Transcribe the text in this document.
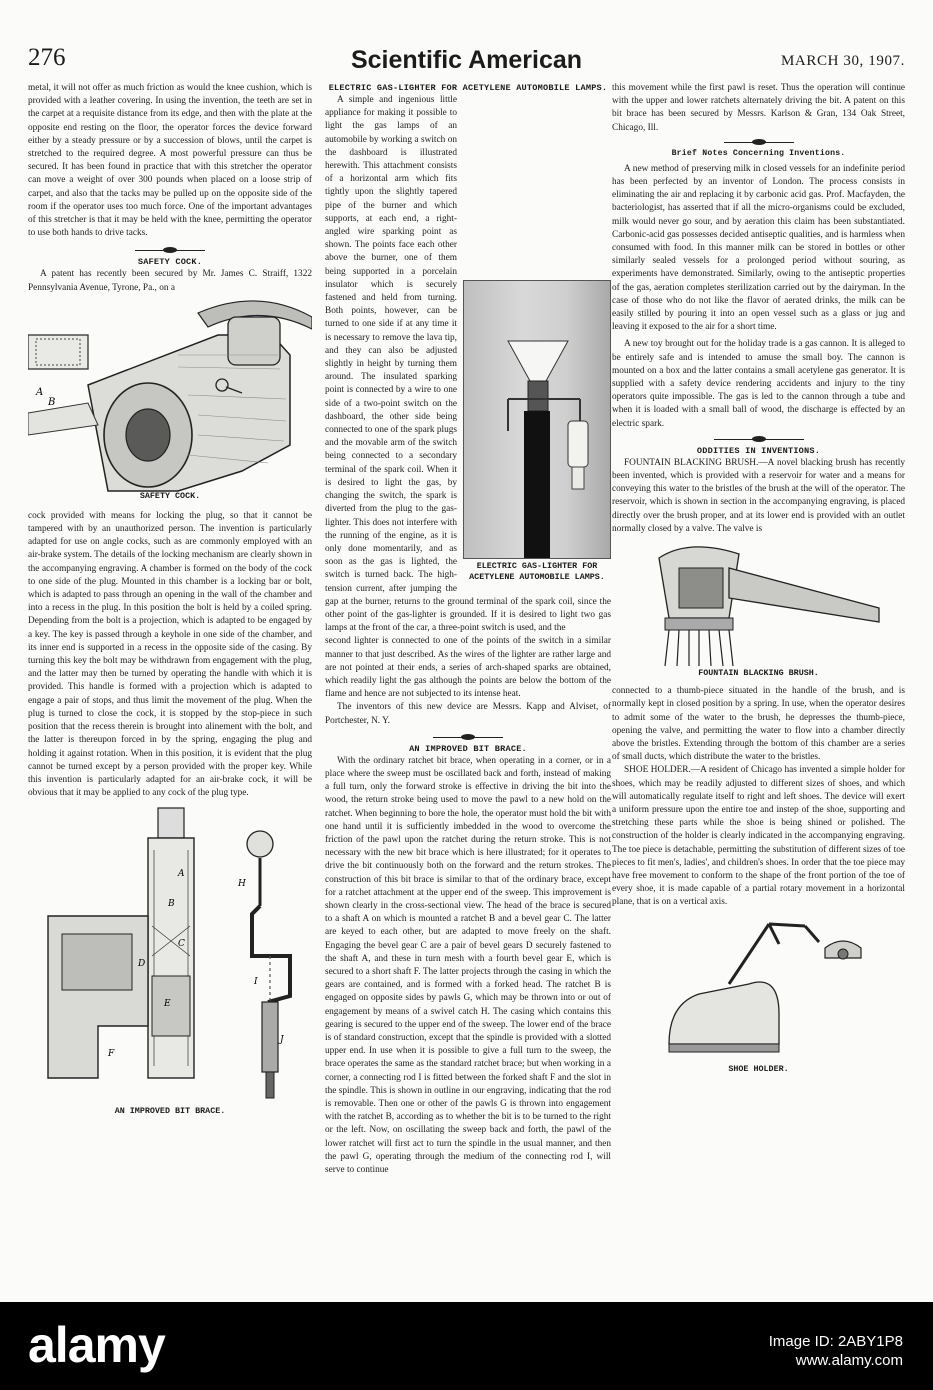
276	Scientific American	MARCH 30, 1907.

metal, it will not offer as much friction as would the knee cushion, which is provided with a leather covering. In using the invention, the teeth are set in the carpet at a requisite distance from its edge, and then with the plate at the opposite end resting on the floor, the operator forces the device forward either by a steady pressure or by a succession of blows, until the carpet is stretched to the required degree. A most powerful pressure can thus be secured. It has been found in practice that with this stretcher the operator can move a weight of over 300 pounds when placed on a loose strip of carpet, and also that the tacks may be pulled up on the opposite side of the room if the operator uses too much force. One of the important advantages of this stretcher is that it may be held with the knee, permitting the operator to use both hands to drive tacks.

SAFETY COCK.

A patent has recently been secured by Mr. James C. Straiff, 1322 Pennsylvania Avenue, Tyrone, Pa., on a

A
B
SAFETY COCK.

cock provided with means for locking the plug, so that it cannot be tampered with by an unauthorized person. The invention is particularly adapted for use on angle cocks, such as are commonly employed with an air-brake system. The details of the locking mechanism are clearly shown in the accompanying engraving. A chamber is formed on the body of the cock to one side of the plug. Mounted in this chamber is a locking bar or bolt, which is adapted to pass through an opening in the wall of the chamber and into a recess in the plug. In this position the bolt is held by a coiled spring. Depending from the bolt is a projection, which is adapted to be engaged by a key. The key is passed through a keyhole in one side of the chamber, and its inner end is supported in a recess in the opposite side of the casing. By turning this key the bolt may be withdrawn from engagement with the plug, and the latter may then be turned by operating the handle with which it is provided. This handle is formed with a projection which is adapted to engage a pair of stops, and thus limit the movement of the plug. When the plug is turned to close the cock, it is stopped by the stop-piece in such position that the recess therein is brought into alinement with the bolt, and the latter is thereupon forced in by the spring, engaging the plug and holding it against rotation. When in this position, it is evident that the plug cannot be turned except by a person provided with the proper key. While this invention is particularly adapted for an air-brake cock, it will be obvious that it may be applied to any cock of the plug type.

A
B
C
D
E
F
H
I
J
AN IMPROVED BIT BRACE.
ELECTRIC GAS-LIGHTER FOR ACETYLENE AUTOMOBILE LAMPS.
ELECTRIC GAS-LIGHTER FOR ACETYLENE AUTOMOBILE LAMPS.

A simple and ingenious little appliance for making it possible to light the gas lamps of an automobile by working a switch on the dashboard is illustrated herewith. This attachment consists of a horizontal arm which fits tightly upon the slightly tapered pipe of the burner and which supports, at each end, a right-angled wire sparking point as shown. The points face each other above the burner, one of them being supported in a porcelain insulator which is securely fastened and held from turning. Both points, however, can be turned to one side if at any time it is necessary to remove the lava tip, and they can also be adjusted slightly in height by turning them around. The insulated sparking point is connected by a wire to one side of a two-point switch on the dashboard, the other side being connected to one of the spark plugs and the movable arm of the switch being connected to a secondary terminal of the spark coil. When it is desired to light the gas, by changing the switch, the spark is diverted from the plug to the gas-lighter. This does not interfere with the running of the engine, as it is only done momentarily, and as soon as the gas is lighted, the switch is turned back. The high-tension current, after jumping the gap at the burner, returns to the ground terminal of the spark coil, since the other point of the gas-lighter is grounded. If it is desired to light two gas lamps at the front of the car, a three-point switch is used, and the

second lighter is connected to one of the points of the switch in a similar manner to that just described. As the wires of the lighter are rather large and are not pointed at their ends, a series of arch-shaped sparks are obtained, which readily light the gas although the points are below the bottom of the flame and hence are not subjected to its intense heat.

The inventors of this new device are Messrs. Kapp and Alviset, of Portchester, N. Y.

AN IMPROVED BIT BRACE.

With the ordinary ratchet bit brace, when operating in a corner, or in a place where the sweep must be oscillated back and forth, instead of making a full turn, only the forward stroke is effective in driving the bit into the wood, the return stroke being used to move the pawl to a new hold on the ratchet. When beginning to bore the hole, the operator must hold the bit with one hand until it is sufficiently imbedded in the wood to overcome the friction of the pawl upon the ratchet during the return stroke. This is not necessary with the new bit brace which is here illustrated; for it operates to drive the bit continuously both on the forward and the return strokes. The construction of this bit brace is similar to that of the ordinary brace, except for a ratchet attachment at the upper end of the sweep. This improvement is shown clearly in the cross-sectional view. The head of the brace is secured to a shaft A on which is mounted a ratchet B and a bevel gear C. The latter are keyed to each other, but are adapted to move freely on the shaft. Engaging the bevel gear C are a pair of bevel gears D securely fastened to the shaft A, and these in turn mesh with a fourth bevel gear E, which is secured to a short shaft F. The latter projects through the casing in which the gears are contained, and is formed with a forked head. The ratchet B is engaged on opposite sides by pawls G, which may be thrown into or out of engagement by means of a swivel catch H. The casing which contains this gearing is secured to the upper end of the sweep. The lower end of the brace is of standard construction, except that the spindle is provided with a slotted upper end. In use when it is possible to give a full turn to the sweep, the brace operates the same as the standard ratchet brace; but when working in a corner, a connecting rod I is fitted between the forked shaft F and the slot in the spindle. This is shown in outline in our engraving, indicating that the rod is removable. Then one or other of the pawls G is thrown into engagement with the ratchet B, according as to whether the bit is to be turned to the right or the left. Now, on oscillating the sweep back and forth, the pawl of the lower ratchet will first act to turn the spindle in the usual manner, and then the pawl G, operating through the medium of the connecting rod I, will serve to continue

this movement while the first pawl is reset. Thus the operation will continue with the upper and lower ratchets alternately driving the bit. A patent on this bit brace has been secured by Messrs. Karlson & Gran, 134 Oak Street, Chicago, Ill.

Brief Notes Concerning Inventions.

A new method of preserving milk in closed vessels for an indefinite period has been perfected by an inventor of London. The process consists in eliminating the air and replacing it by carbonic acid gas. Prof. Macfayden, the bacteriologist, has asserted that if all the micro-organisms could be excluded, milk would never go sour, and by aeration this claim has been substantiated. Carbonic-acid gas possesses decided antiseptic qualities, and is harmless when consumed with food. In this manner milk can be stored in bottles or other similarly sealed vessels for a prolonged period without souring, as experiments have demonstrated. Similarly, owing to the antiseptic properties of the gas, aeration completes sterilization carried out by the dairyman. In the case of those who do not like the flavor of aerated drinks, the milk can be easily stilled by pouring it into an open vessel such as a glass or jug and leaving it exposed to the air for a short time.

A new toy brought out for the holiday trade is a gas cannon. It is alleged to be entirely safe and is intended to amuse the small boy. The cannon is mounted on a box and the latter contains a small acetylene gas generator. It is supplied with a safety device rendering accidents and injury to the tiny operators quite impossible. The gas is led to the cannon through a tube and when it is loaded with a small ball of wood, the discharge is effected by an electric spark.

ODDITIES IN INVENTIONS.

FOUNTAIN BLACKING BRUSH.—A novel blacking brush has recently been invented, which is provided with a reservoir for water and a means for conveying this water to the bristles of the brush at the will of the operator. The reservoir, which is shown in section in the accompanying engraving, is placed directly over the brush proper, and at its lower end is provided with an outlet normally closed by a valve. The valve is

FOUNTAIN BLACKING BRUSH.

connected to a thumb-piece situated in the handle of the brush, and is normally kept in closed position by a spring. In use, when the operator desires to admit some of the water to the brush, he depresses the thumb-piece, opening the valve, and permitting the water to flow into a chamber directly above the bristles. Extending through the bottom of this chamber are a series of small ducts, which distribute the water to the bristles.

SHOE HOLDER.—A resident of Chicago has invented a simple holder for shoes, which may be readily adjusted to different sizes of shoes, and which will automatically regulate itself to right and left shoes. The device will exert a uniform pressure upon the entire toe and instep of the shoe, supporting and stretching these parts while the shoe is being shined or polished. The construction of the holder is clearly indicated in the accompanying engraving. The toe piece is detachable, permitting the substitution of different sizes of toe pieces to fit men's, ladies', and children's shoes. In order that the toe piece may have free movement to conform to the shape of the front portion of the toe of every shoe, it is made capable of a partial rotary movement in a horizontal plane, that is on a vertical axis.

SHOE HOLDER.
alamy	Image ID: 2ABY1P8
www.alamy.com
